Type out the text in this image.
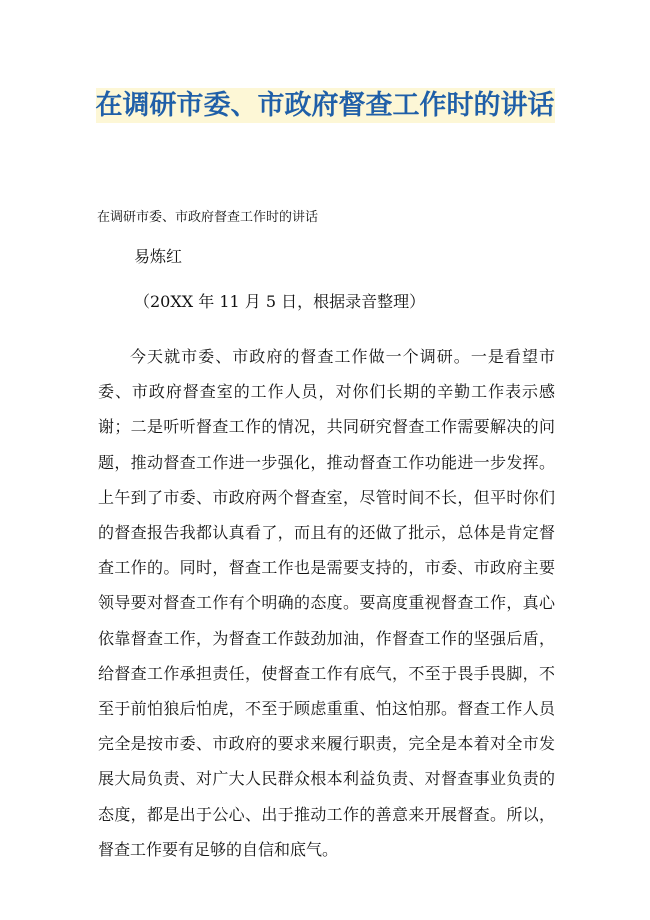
在调研市委、市政府督查工作时的讲话
在调研市委、市政府督查工作时的讲话
易炼红
（20XX 年 11 月 5 日，根据录音整理）

今天就市委、市政府的督查工作做一个调研。一是看望市委、市政府督查室的工作人员，对你们长期的辛勤工作表示感谢；二是听听督查工作的情况，共同研究督查工作需要解决的问题，推动督查工作进一步强化，推动督查工作功能进一步发挥。上午到了市委、市政府两个督查室，尽管时间不长，但平时你们的督查报告我都认真看了，而且有的还做了批示，总体是肯定督查工作的。同时，督查工作也是需要支持的，市委、市政府主要领导要对督查工作有个明确的态度。要高度重视督查工作，真心依靠督查工作，为督查工作鼓劲加油，作督查工作的坚强后盾，给督查工作承担责任，使督查工作有底气，不至于畏手畏脚，不至于前怕狼后怕虎，不至于顾虑重重、怕这怕那。督查工作人员完全是按市委、市政府的要求来履行职责，完全是本着对全市发展大局负责、对广大人民群众根本利益负责、对督查事业负责的态度，都是出于公心、出于推动工作的善意来开展督查。所以，督查工作要有足够的自信和底气。
